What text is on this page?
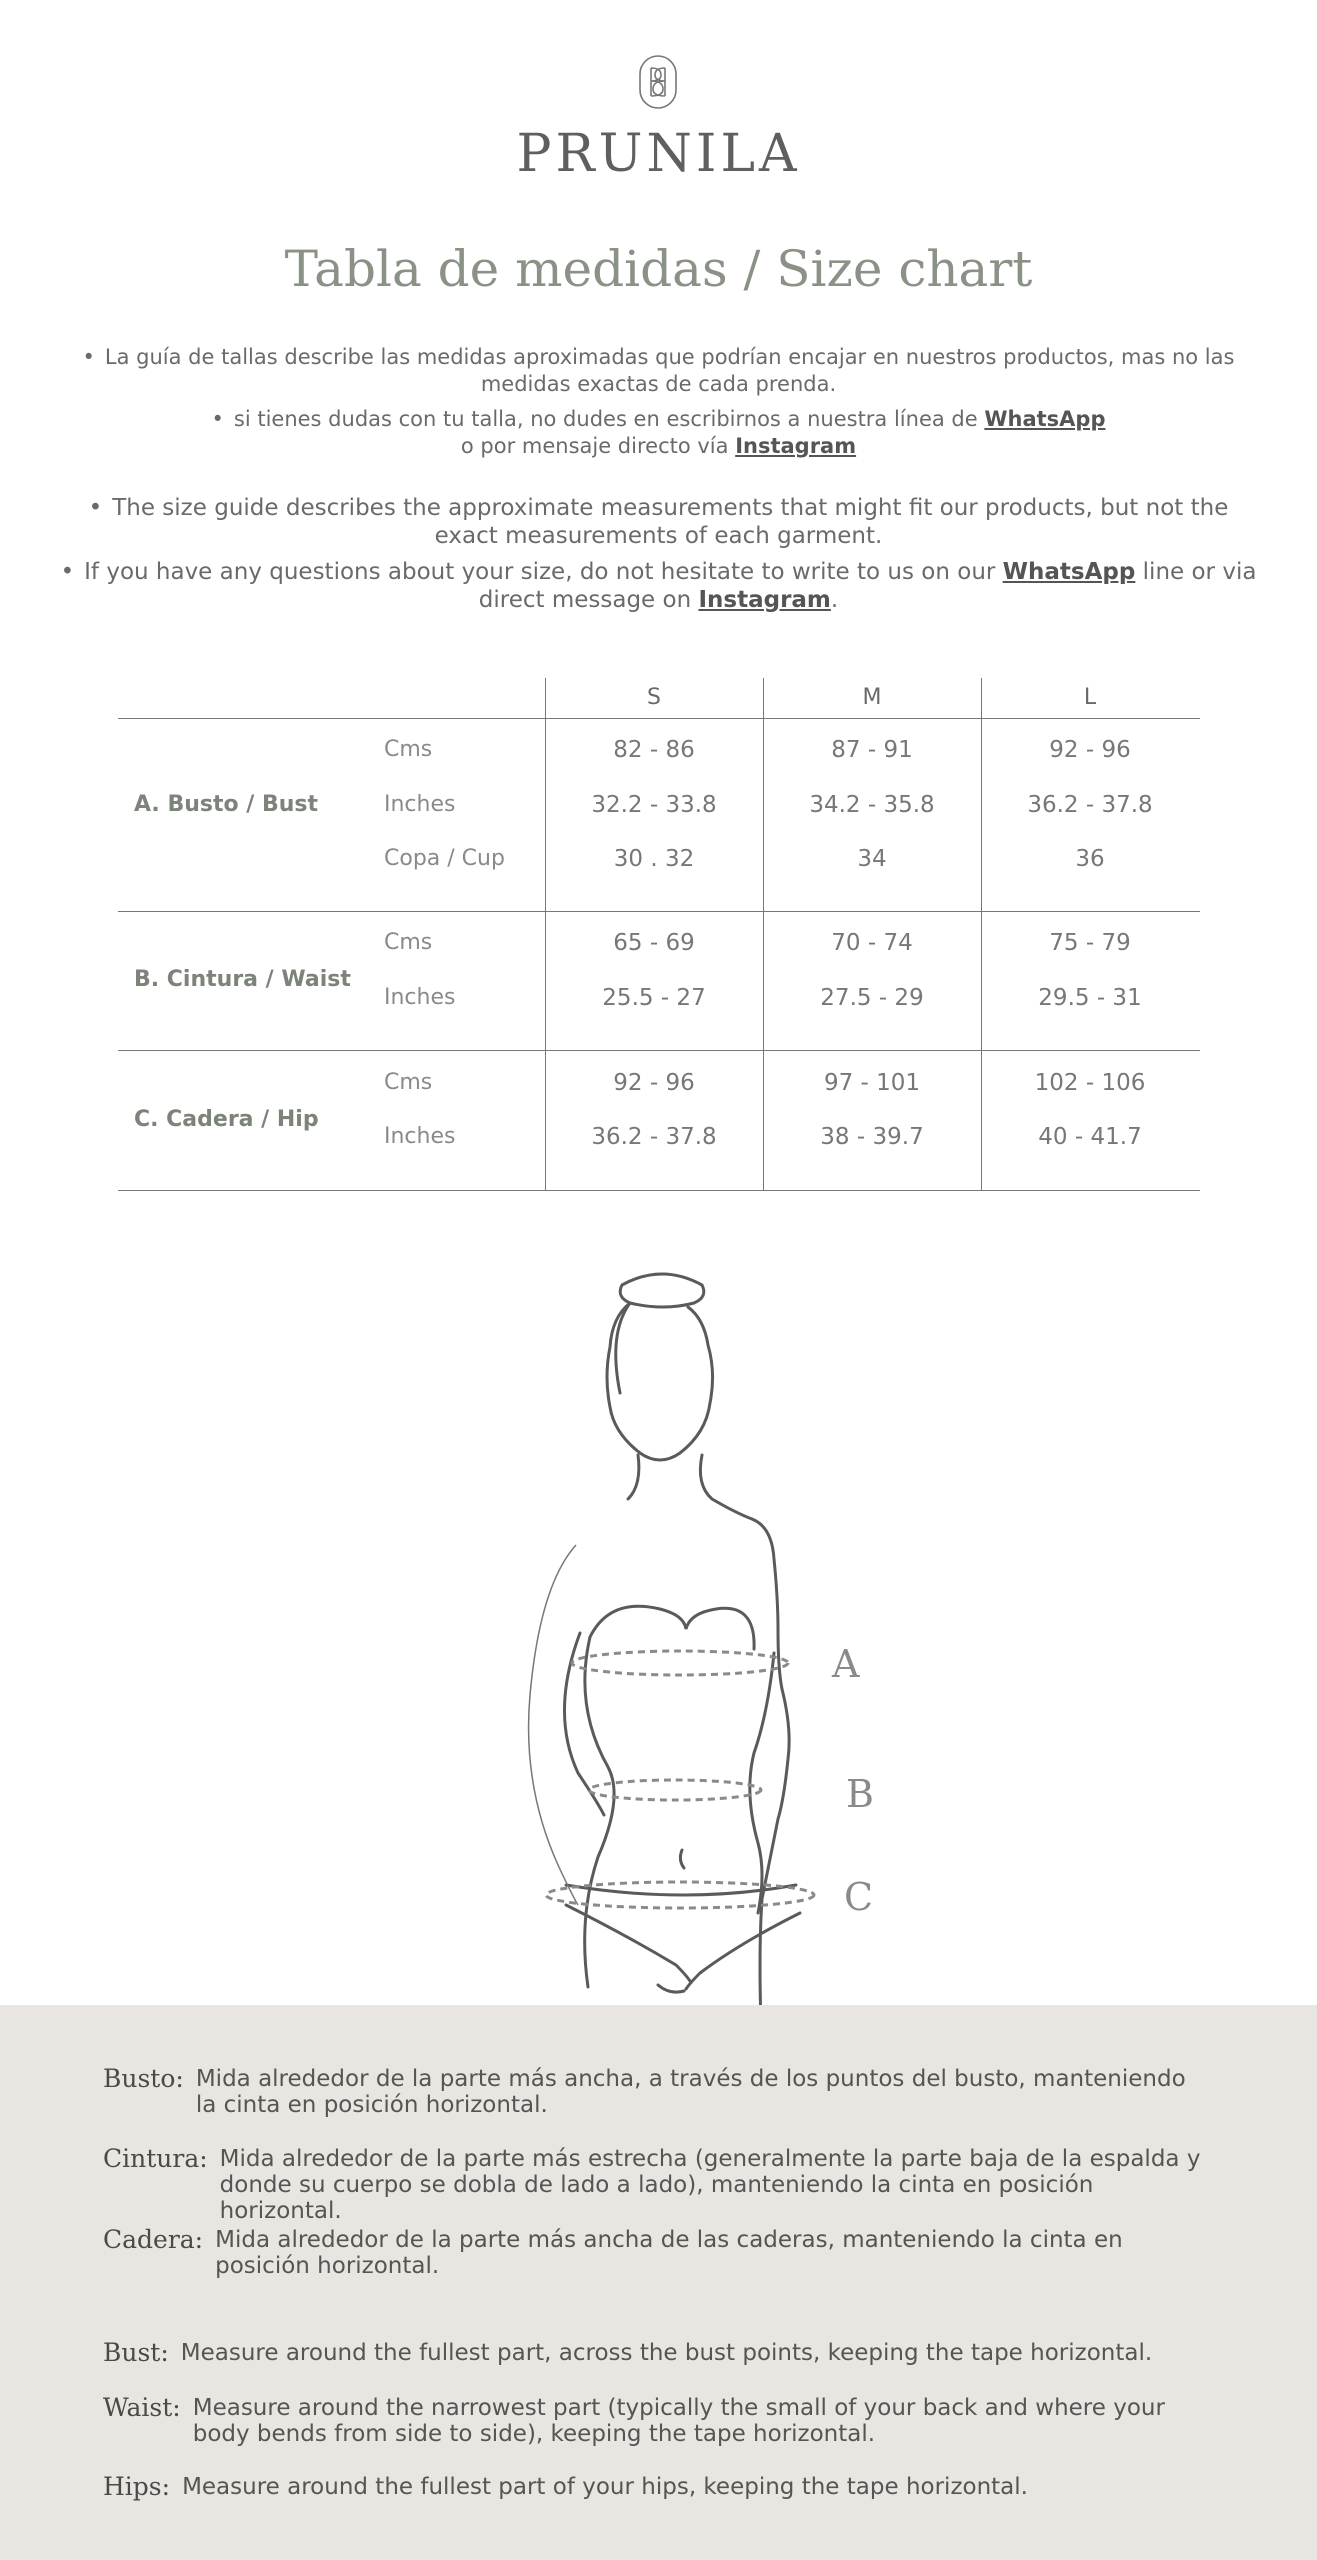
PRUNILA
Tabla de medidas / Size chart
• La guía de tallas describe las medidas aproximadas que podrían encajar en nuestros productos, mas no las medidas exactas de cada prenda.
• si tienes dudas con tu talla, no dudes en escribirnos a nuestra línea de WhatsApp
o por mensaje directo vía Instagram
• The size guide describes the approximate measurements that might fit our products, but not the exact measurements of each garment.
• If you have any questions about your size, do not hesitate to write to us on our WhatsApp line or via direct message on Instagram.
S	M	L
A. Busto / Bust
Cms	82 - 86	87 - 91	92 - 96
Inches	32.2 - 33.8	34.2 - 35.8	36.2 - 37.8
Copa / Cup	30 . 32	34	36
B. Cintura / Waist
Cms	65 - 69	70 - 74	75 - 79
Inches	25.5 - 27	27.5 - 29	29.5 - 31
C. Cadera / Hip
Cms	92 - 96	97 - 101	102 - 106
Inches	36.2 - 37.8	38 - 39.7	40 - 41.7
A
B
C
Busto: Mida alrededor de la parte más ancha, a través de los puntos del busto, manteniendo la cinta en posición horizontal.
Cintura: Mida alrededor de la parte más estrecha (generalmente la parte baja de la espalda y donde su cuerpo se dobla de lado a lado), manteniendo la cinta en posición horizontal.
Cadera: Mida alrededor de la parte más ancha de las caderas, manteniendo la cinta en posición horizontal.
Bust: Measure around the fullest part, across the bust points, keeping the tape horizontal.
Waist: Measure around the narrowest part (typically the small of your back and where your body bends from side to side), keeping the tape horizontal.
Hips: Measure around the fullest part of your hips, keeping the tape horizontal.
